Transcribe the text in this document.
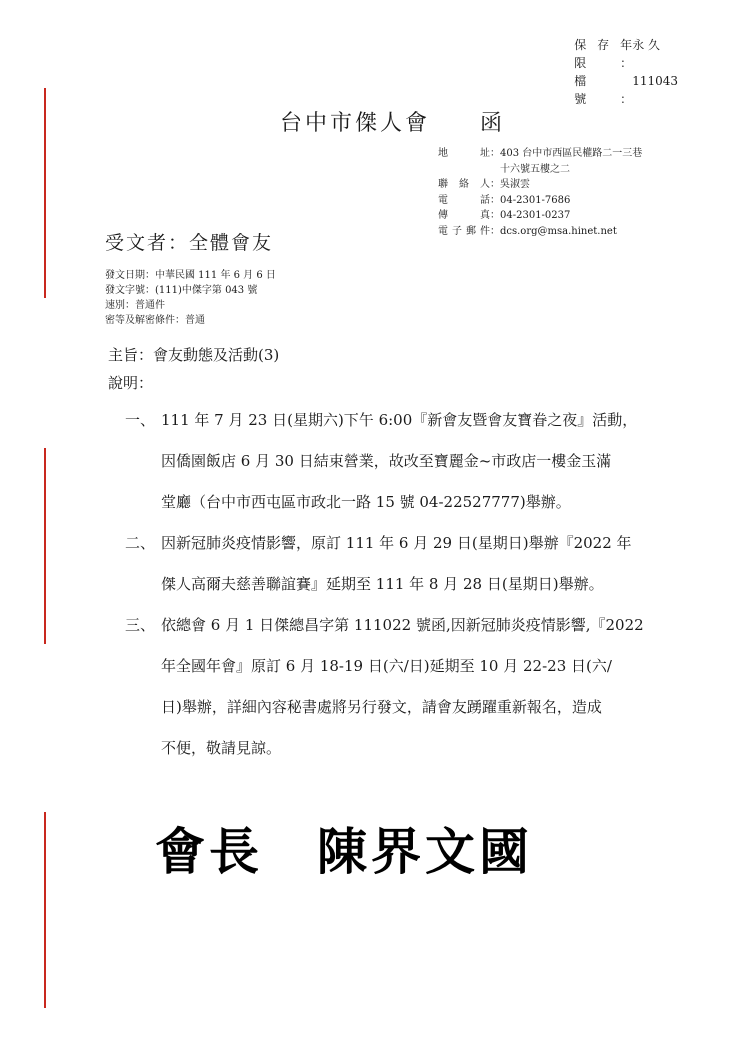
保存年限：
永 久
檔　　號：
111043
台中市傑人會　　函
地　　址 ：403 台中市西區民權路二一三巷
　十六號五樓之二
聯 絡 人 ：吳淑雲
電　　話 ：04-2301-7686
傳　　真 ：04-2301-0237
電子郵件 ：dcs.org@msa.hinet.net
受文者：全體會友
發文日期：中華民國 111 年 6 月 6 日
發文字號：(111)中傑字第 043 號
速別：普通件
密等及解密條件：普通
主旨：會友動態及活動(3)
說明：
一、 111 年 7 月 23 日(星期六)下午 6:00『新會友暨會友寶眷之夜』活動，
因僑園飯店 6 月 30 日結束營業，故改至寶麗金~市政店一樓金玉滿
堂廳（台中市西屯區市政北一路 15 號 04-22527777)舉辦。
二、 因新冠肺炎疫情影響，原訂 111 年 6 月 29 日(星期日)舉辦『2022 年
傑人高爾夫慈善聯誼賽』延期至 111 年 8 月 28 日(星期日)舉辦。
三、 依總會 6 月 1 日傑總昌字第 111022 號函,因新冠肺炎疫情影響,『2022
年全國年會』原訂 6 月 18-19 日(六/日)延期至 10 月 22-23 日(六/
日)舉辦，詳細內容秘書處將另行發文，請會友踴躍重新報名，造成
不便，敬請見諒。
會長　陳界文國
